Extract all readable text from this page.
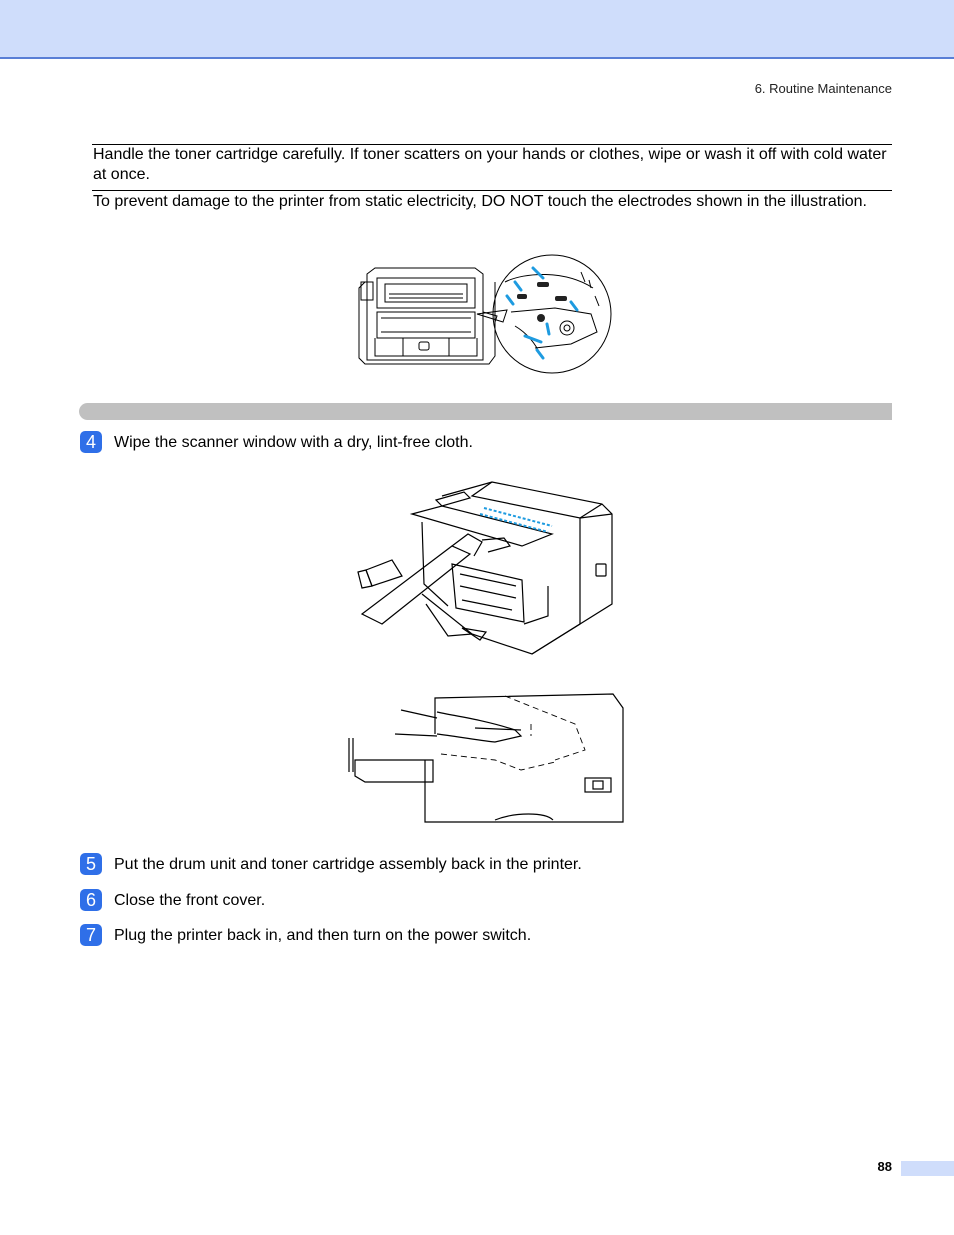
6. Routine Maintenance
Handle the toner cartridge carefully. If toner scatters on your hands or clothes, wipe or wash it off with cold water at once.
To prevent damage to the printer from static electricity, DO NOT touch the electrodes shown in the illustration.
4	Wipe the scanner window with a dry, lint-free cloth.
5	Put the drum unit and toner cartridge assembly back in the printer.
6	Close the front cover.
7	Plug the printer back in, and then turn on the power switch.
88
